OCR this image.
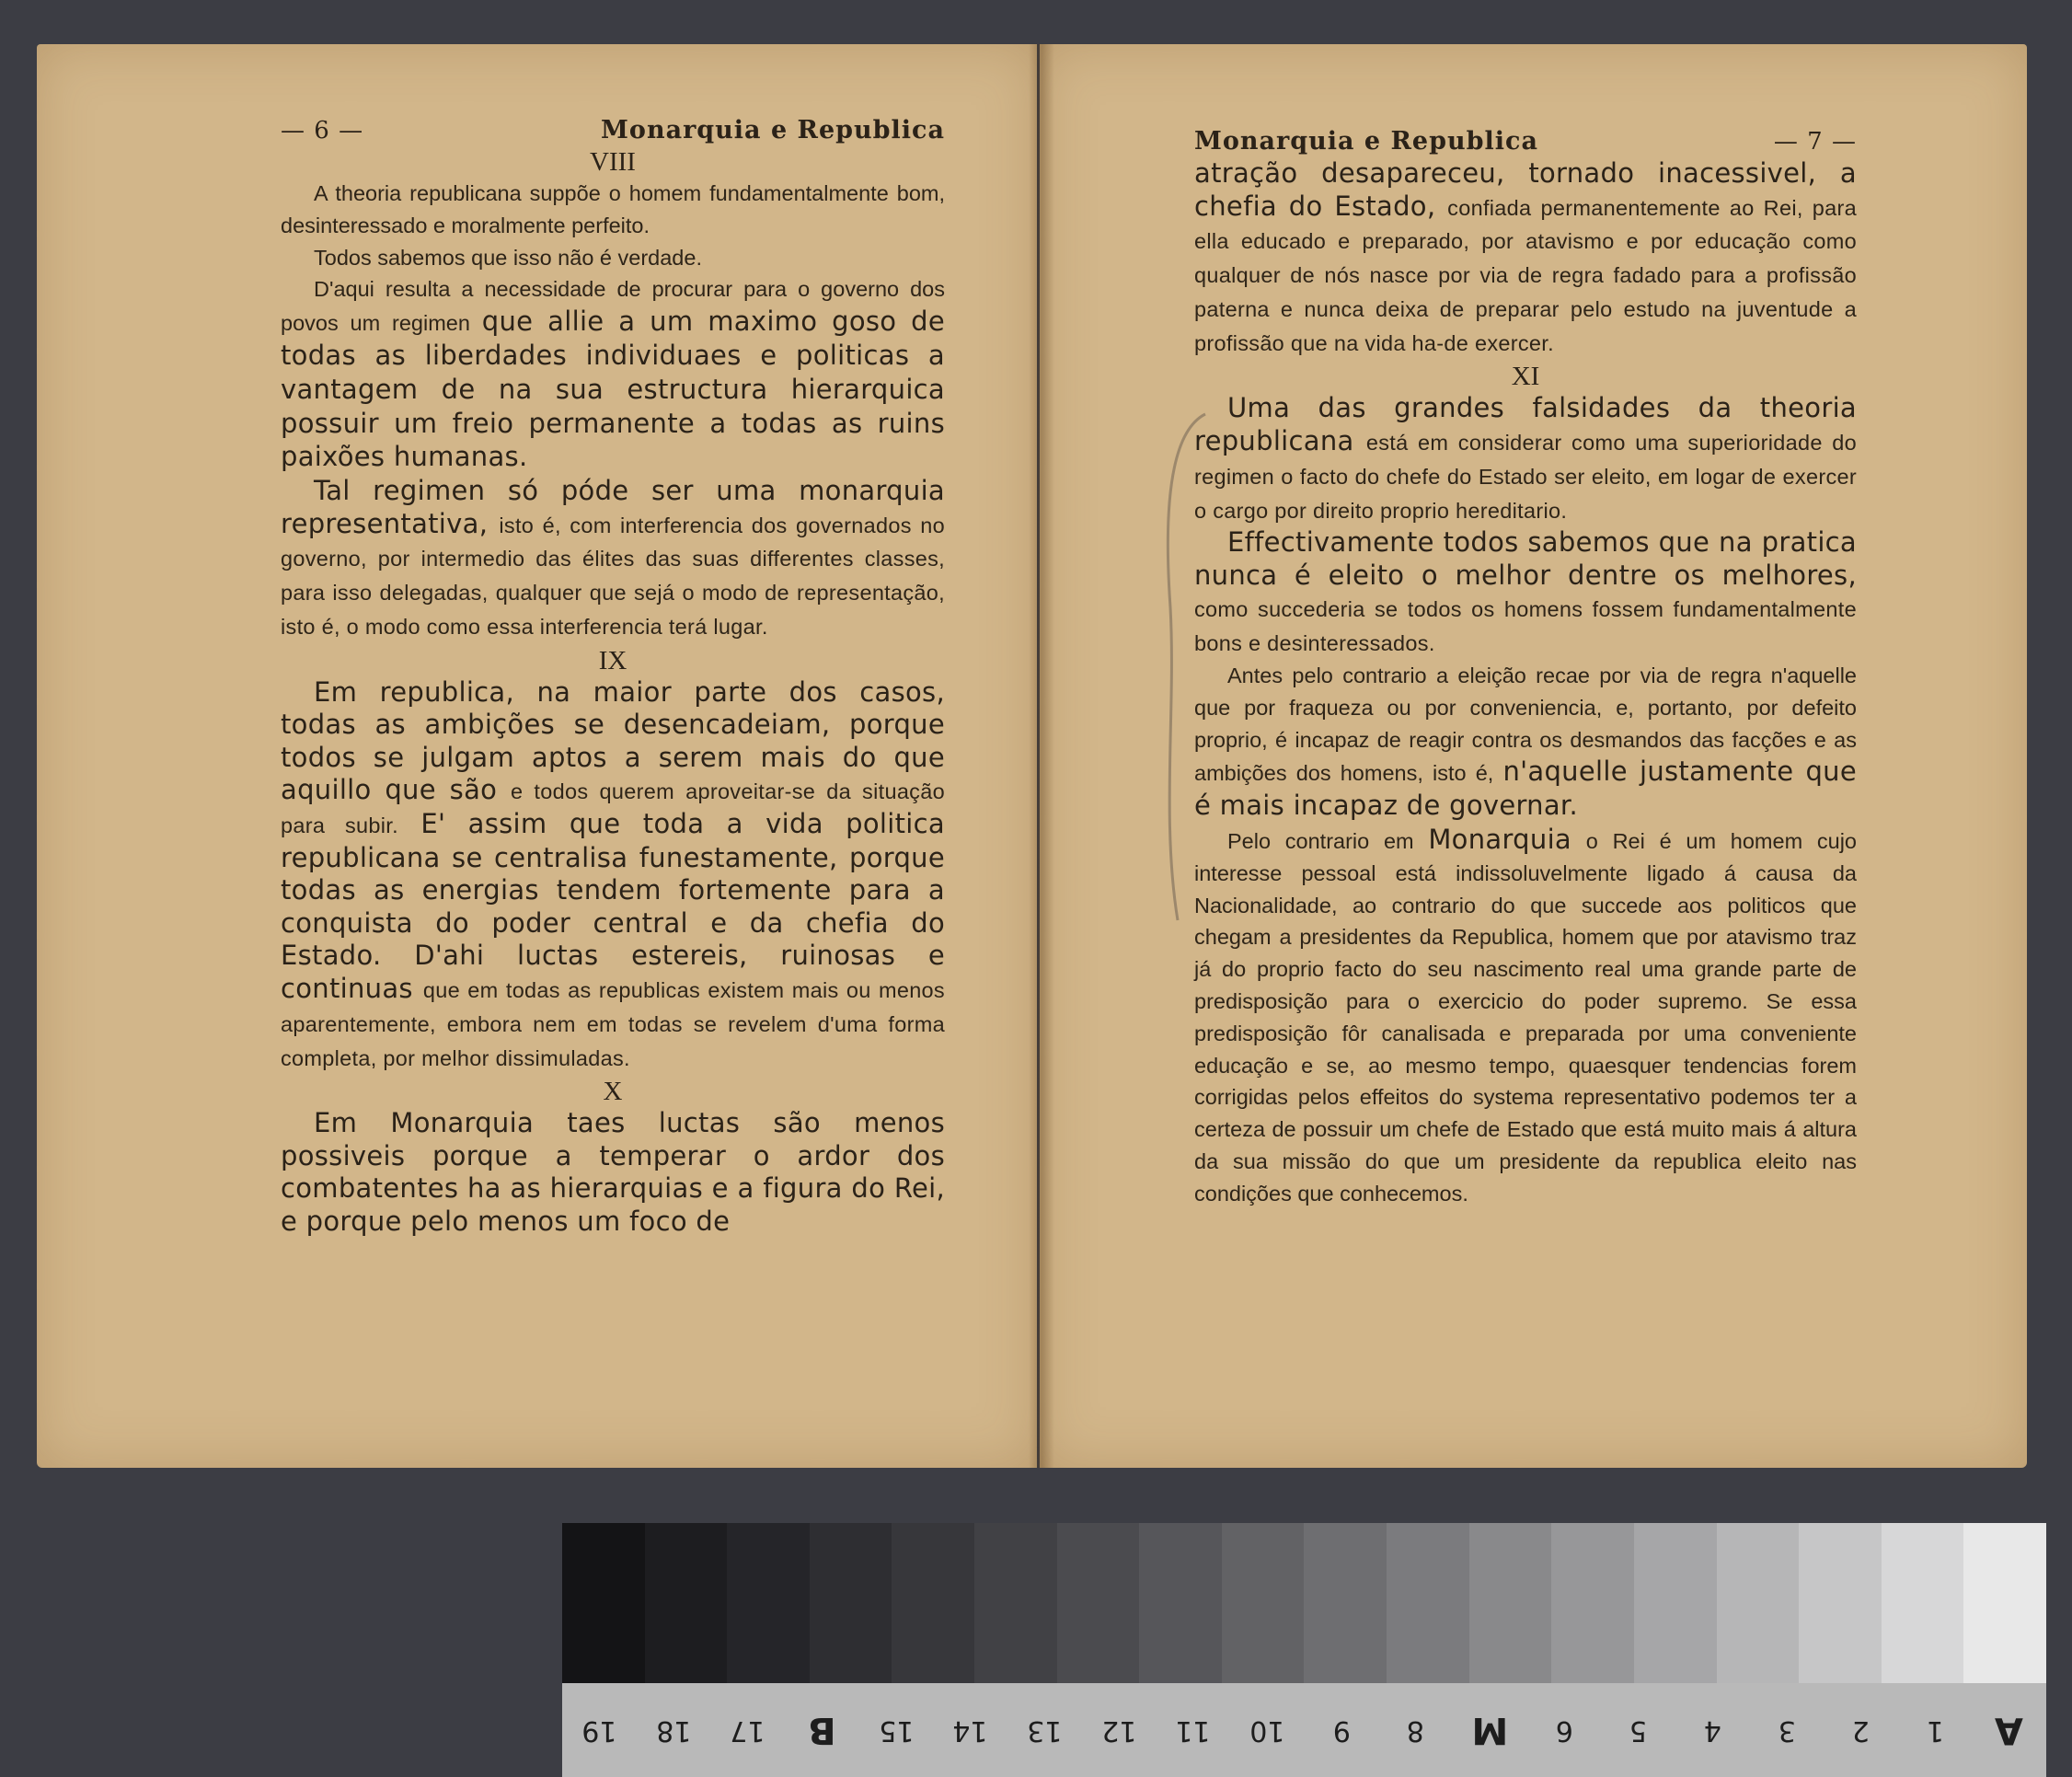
— 6 —	Monarquia e Republica
VIII

A theoria republicana suppõe o homem fundamentalmente bom, desinteressado e moralmente perfeito.

Todos sabemos que isso não é verdade.

D'aqui resulta a necessidade de procurar para o governo dos povos um regimen que allie a um maximo goso de todas as liberdades individuaes e politicas a vantagem de na sua estructura hierarquica possuir um freio permanente a todas as ruins paixões humanas.

Tal regimen só póde ser uma monarquia representativa, isto é, com interferencia dos governados no governo, por intermedio das élites das suas differentes classes, para isso delegadas, qualquer que sejá o modo de representação, isto é, o modo como essa interferencia terá lugar.

IX

Em republica, na maior parte dos casos, todas as ambições se desencadeiam, porque todos se julgam aptos a serem mais do que aquillo que são e todos querem aproveitar-se da situação para subir. E' assim que toda a vida politica republicana se centralisa funestamente, porque todas as energias tendem fortemente para a conquista do poder central e da chefia do Estado. D'ahi luctas estereis, ruinosas e continuas que em todas as republicas existem mais ou menos aparentemente, embora nem em todas se revelem d'uma forma completa, por melhor dissimuladas.

X

Em Monarquia taes luctas são menos possiveis porque a temperar o ardor dos combatentes ha as hierarquias e a figura do Rei, e porque pelo menos um foco de

Monarquia e Republica	— 7 —

atração desapareceu, tornado inacessivel, a chefia do Estado, confiada permanentemente ao Rei, para ella educado e preparado, por atavismo e por educação como qualquer de nós nasce por via de regra fadado para a profissão paterna e nunca deixa de preparar pelo estudo na juventude a profissão que na vida ha-de exercer.

XI

Uma das grandes falsidades da theoria republicana está em considerar como uma superioridade do regimen o facto do chefe do Estado ser eleito, em logar de exercer o cargo por direito proprio hereditario.

Effectivamente todos sabemos que na pratica nunca é eleito o melhor dentre os melhores, como succederia se todos os homens fossem fundamentalmente bons e desinteressados.

Antes pelo contrario a eleição recae por via de regra n'aquelle que por fraqueza ou por conveniencia, e, portanto, por defeito proprio, é incapaz de reagir contra os desmandos das facções e as ambições dos homens, isto é, n'aquelle justamente que é mais incapaz de governar.

Pelo contrario em Monarquia o Rei é um homem cujo interesse pessoal está indissoluvelmente ligado á causa da Nacionalidade, ao contrario do que succede aos politicos que chegam a presidentes da Republica, homem que por atavismo traz já do proprio facto do seu nascimento real uma grande parte de predisposição para o exercicio do poder supremo. Se essa predisposição fôr canalisada e preparada por uma conveniente educação e se, ao mesmo tempo, quaesquer tendencias forem corrigidas pelos effeitos do systema representativo podemos ter a certeza de possuir um chefe de Estado que está muito mais á altura da sua missão do que um presidente da republica eleito nas condições que conhecemos.

19	18	17	B	15	14	13	12	11	10	9	8	M	6	5	4	3	2	1	A
